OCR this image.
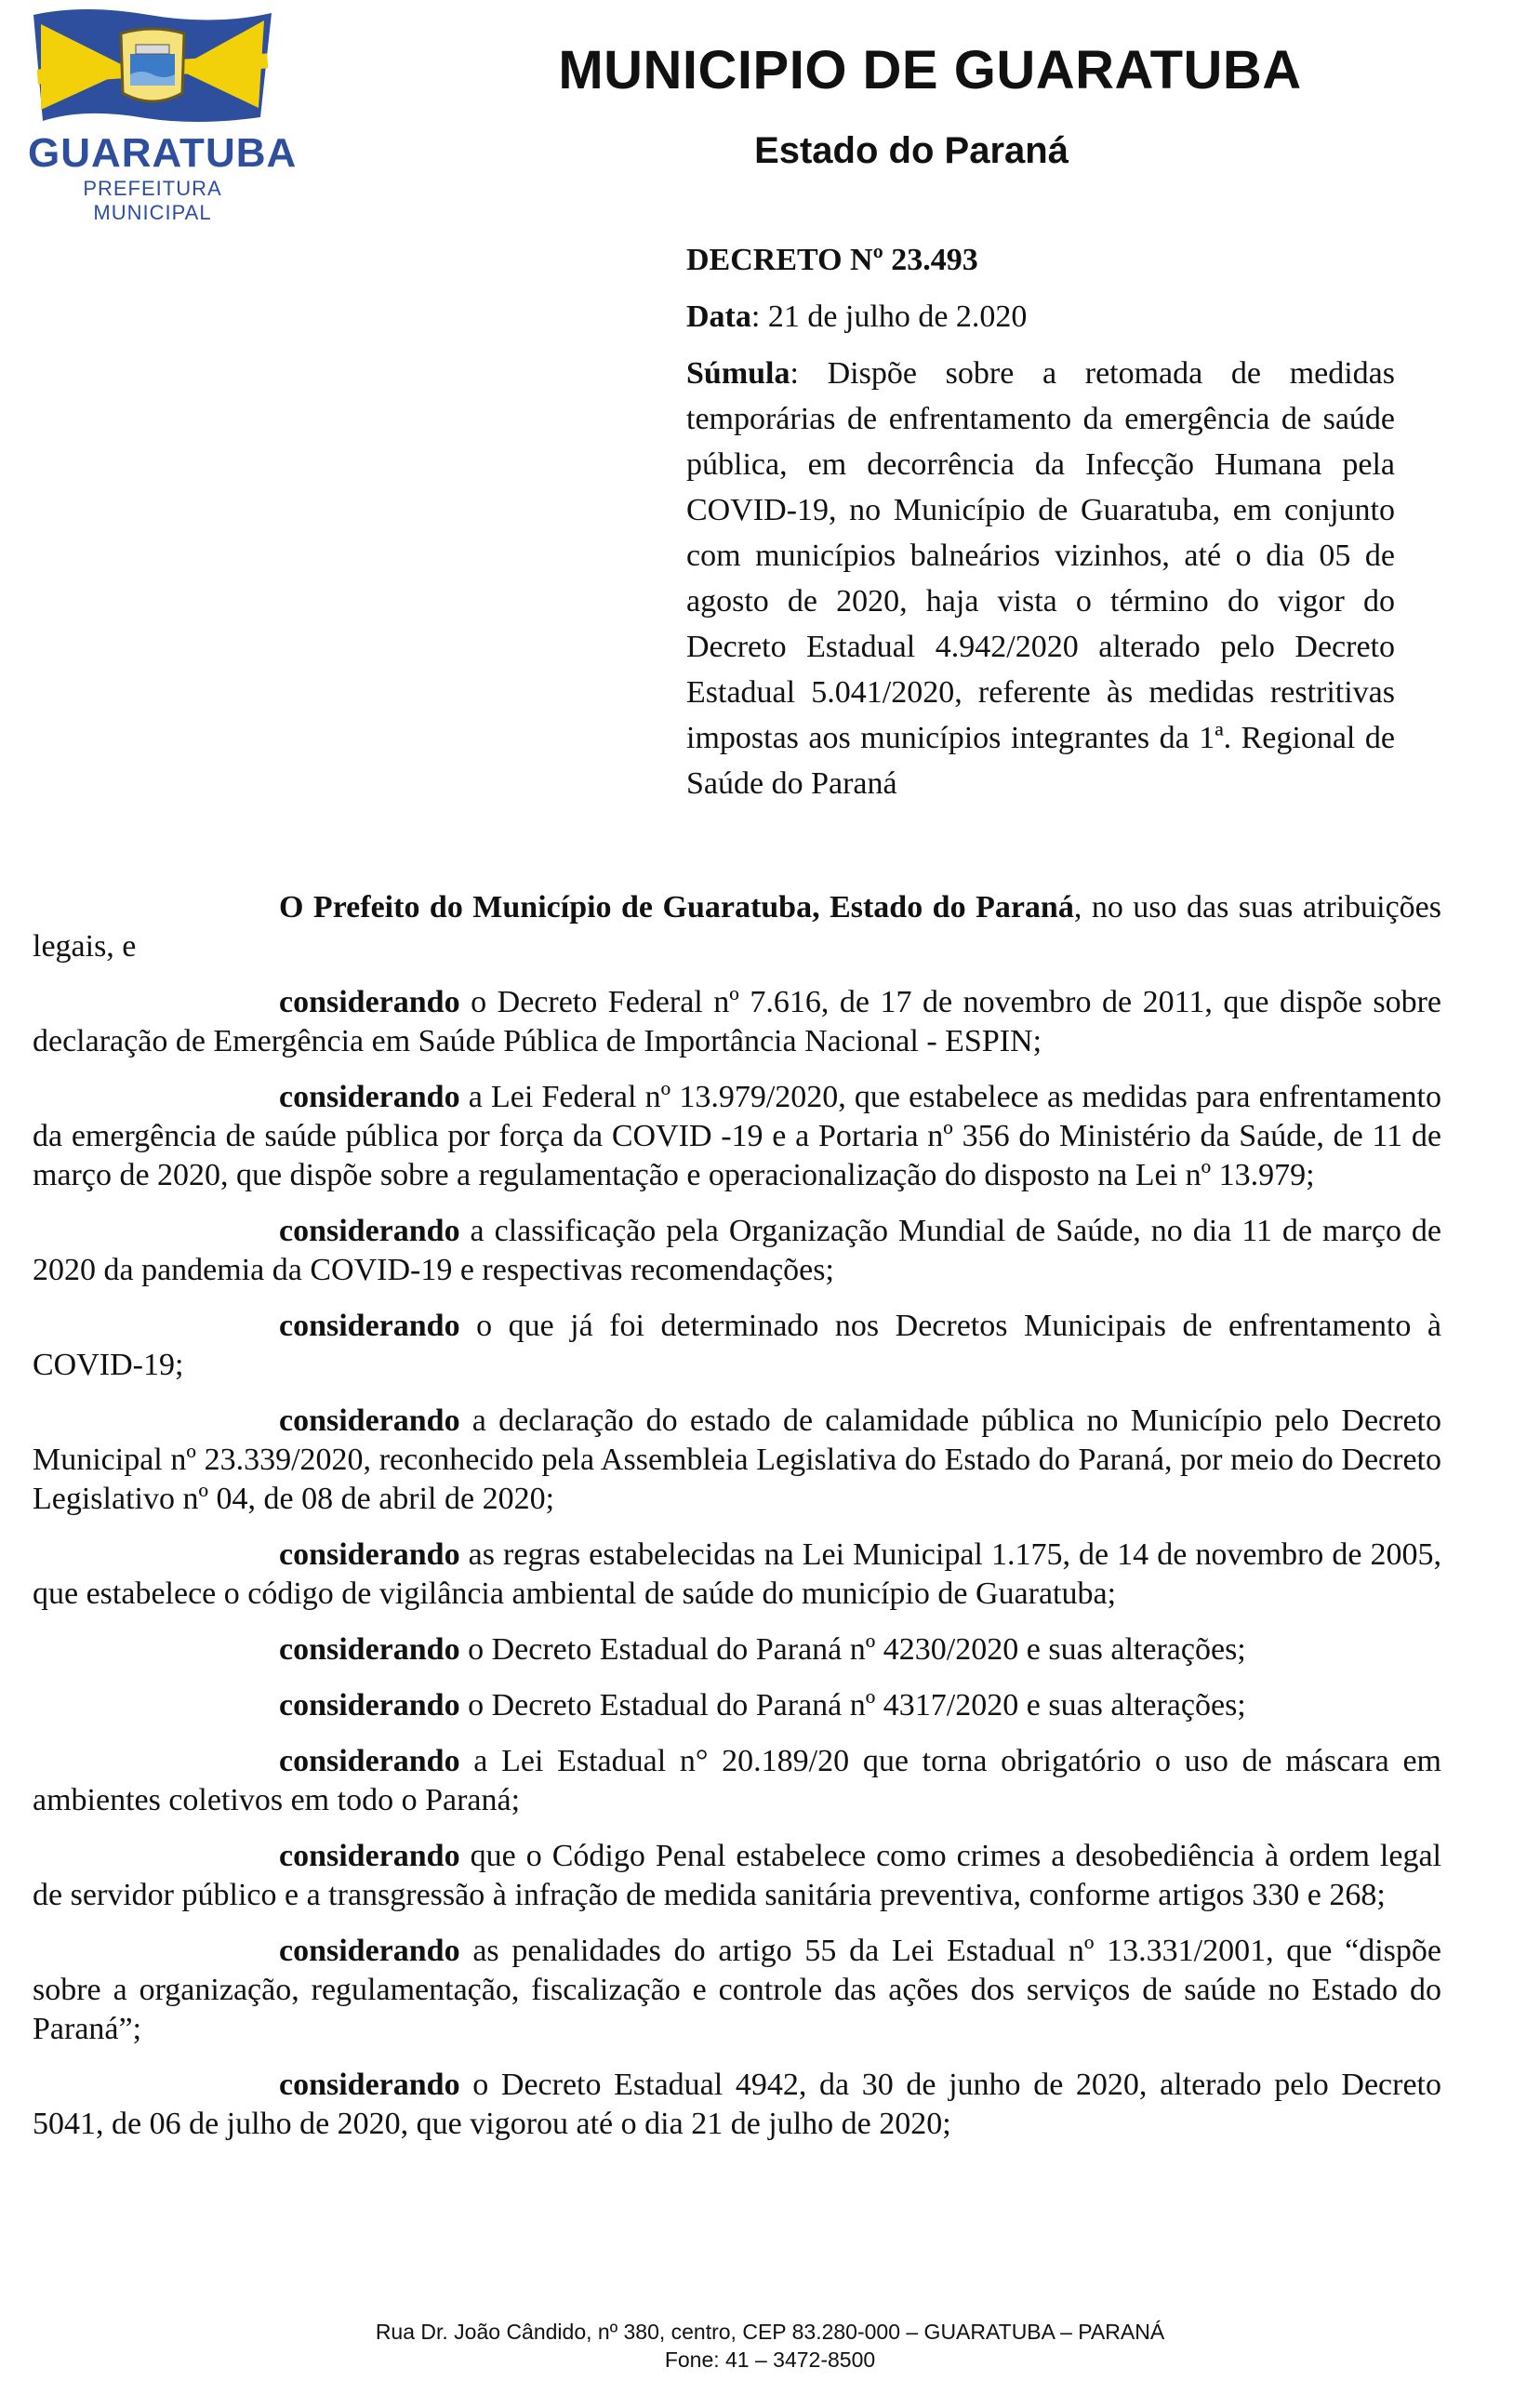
GUARATUBA
PREFEITURA MUNICIPAL
MUNICIPIO DE GUARATUBA
Estado do Paraná
DECRETO Nº 23.493
Data: 21 de julho de 2.020
Súmula: Dispõe sobre a retomada de medidas temporárias de enfrentamento da emergência de saúde pública, em decorrência da Infecção Humana pela COVID-19, no Município de Guaratuba, em conjunto com municípios balneários vizinhos, até o dia 05 de agosto de 2020, haja vista o término do vigor do Decreto Estadual 4.942/2020 alterado pelo Decreto Estadual 5.041/2020, referente às medidas restritivas impostas aos municípios integrantes da 1ª. Regional de Saúde do Paraná

O Prefeito do Município de Guaratuba, Estado do Paraná, no uso das suas atribuições legais, e

considerando o Decreto Federal nº 7.616, de 17 de novembro de 2011, que dispõe sobre declaração de Emergência em Saúde Pública de Importância Nacional - ESPIN;

considerando a Lei Federal nº 13.979/2020, que estabelece as medidas para enfrentamento da emergência de saúde pública por força da COVID -19 e a Portaria nº 356 do Ministério da Saúde, de 11 de março de 2020, que dispõe sobre a regulamentação e operacionalização do disposto na Lei nº 13.979;

considerando a classificação pela Organização Mundial de Saúde, no dia 11 de março de 2020 da pandemia da COVID-19 e respectivas recomendações;

considerando o que já foi determinado nos Decretos Municipais de enfrentamento à COVID-19;

considerando a declaração do estado de calamidade pública no Município pelo Decreto Municipal nº 23.339/2020, reconhecido pela Assembleia Legislativa do Estado do Paraná, por meio do Decreto Legislativo nº 04, de 08 de abril de 2020;

considerando as regras estabelecidas na Lei Municipal 1.175, de 14 de novembro de 2005, que estabelece o código de vigilância ambiental de saúde do município de Guaratuba;

considerando o Decreto Estadual do Paraná nº 4230/2020 e suas alterações;

considerando o Decreto Estadual do Paraná nº 4317/2020 e suas alterações;

considerando a Lei Estadual n° 20.189/20 que torna obrigatório o uso de máscara em ambientes coletivos em todo o Paraná;

considerando que o Código Penal estabelece como crimes a desobediência à ordem legal de servidor público e a transgressão à infração de medida sanitária preventiva, conforme artigos 330 e 268;

considerando as penalidades do artigo 55 da Lei Estadual nº 13.331/2001, que “dispõe sobre a organização, regulamentação, fiscalização e controle das ações dos serviços de saúde no Estado do Paraná”;

considerando o Decreto Estadual 4942, da 30 de junho de 2020, alterado pelo Decreto 5041, de 06 de julho de 2020, que vigorou até o dia 21 de julho de 2020;

Rua Dr. João Cândido, nº 380, centro, CEP 83.280-000 – GUARATUBA – PARANÁ
Fone: 41 – 3472-8500
